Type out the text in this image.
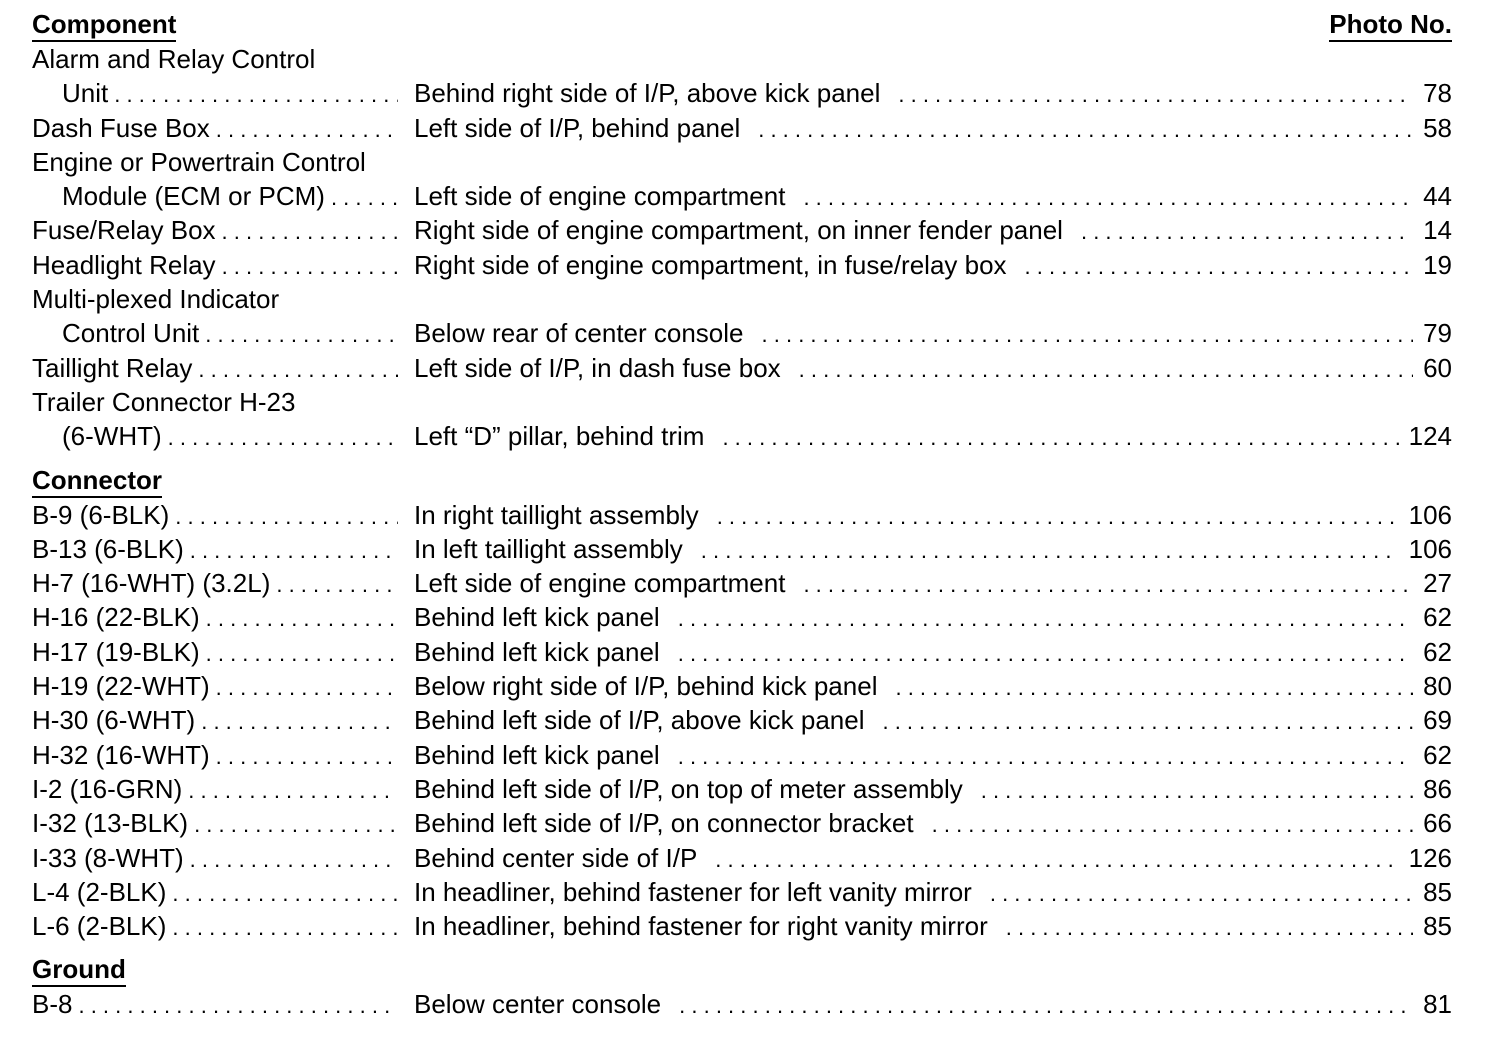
Component	Photo No.
Alarm and Relay Control
Unit . . .	Behind right side of I/P, above kick panel . . .	78
Dash Fuse Box . . .	Left side of I/P, behind panel . . .	58
Engine or Powertrain Control
Module (ECM or PCM) . . .	Left side of engine compartment . . .	44
Fuse/Relay Box . . .	Right side of engine compartment, on inner fender panel . . .	14
Headlight Relay . . .	Right side of engine compartment, in fuse/relay box . . .	19
Multi-plexed Indicator
Control Unit . . .	Below rear of center console . . .	79
Taillight Relay . . .	Left side of I/P, in dash fuse box . . .	60
Trailer Connector H-23
(6-WHT) . . .	Left “D” pillar, behind trim . . .	124
Connector
B-9 (6-BLK) . . .	In right taillight assembly . . .	106
B-13 (6-BLK) . . .	In left taillight assembly . . .	106
H-7 (16-WHT) (3.2L) . . .	Left side of engine compartment . . .	27
H-16 (22-BLK) . . .	Behind left kick panel . . .	62
H-17 (19-BLK) . . .	Behind left kick panel . . .	62
H-19 (22-WHT) . . .	Below right side of I/P, behind kick panel . . .	80
H-30 (6-WHT) . . .	Behind left side of I/P, above kick panel . . .	69
H-32 (16-WHT) . . .	Behind left kick panel . . .	62
I-2 (16-GRN) . . .	Behind left side of I/P, on top of meter assembly . . .	86
I-32 (13-BLK) . . .	Behind left side of I/P, on connector bracket . . .	66
I-33 (8-WHT) . . .	Behind center side of I/P . . .	126
L-4 (2-BLK) . . .	In headliner, behind fastener for left vanity mirror . . .	85
L-6 (2-BLK) . . .	In headliner, behind fastener for right vanity mirror . . .	85
Ground
B-8 . . .	Below center console . . .	81
